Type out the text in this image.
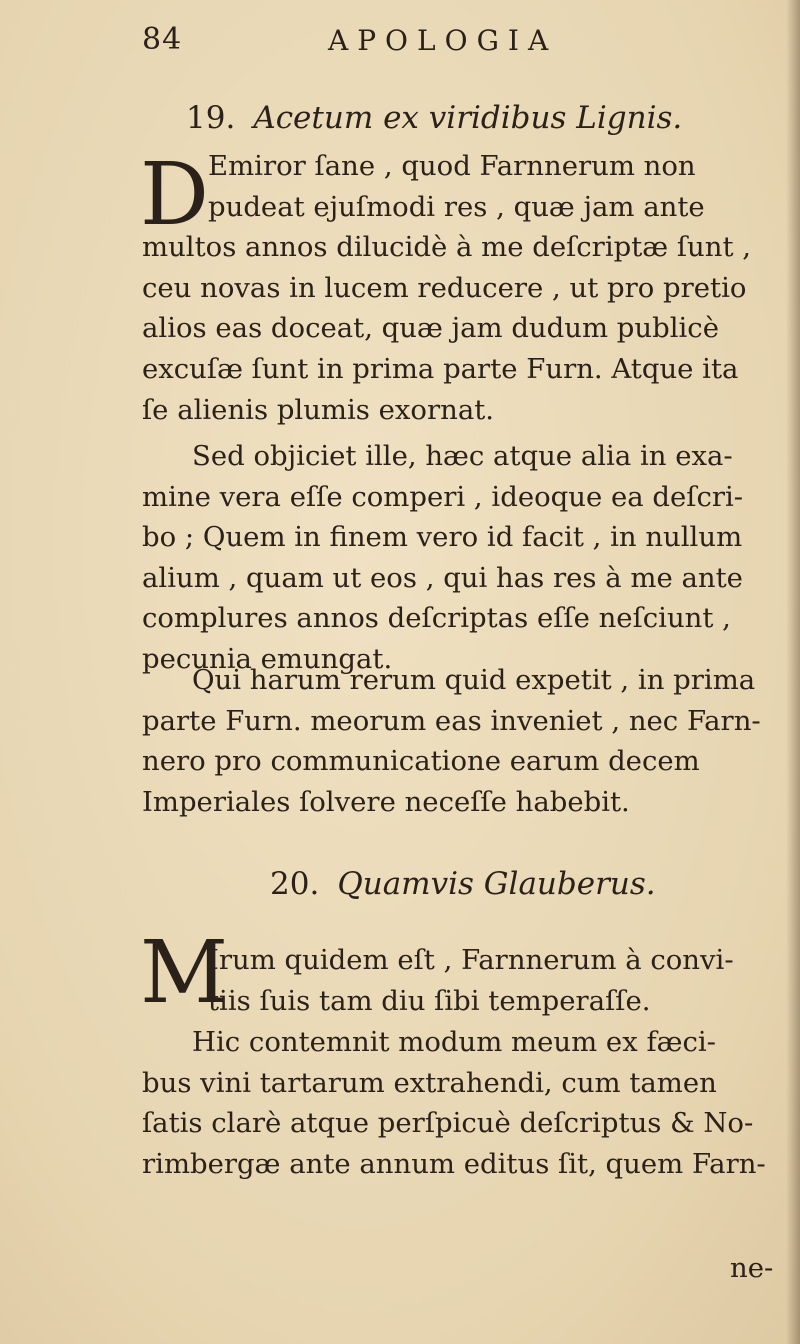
84	APOLOGIA
19. Acetum ex viridibus Lignis.
D Emiror ſane , quod Farnnerum non
pudeat ejuſmodi res , quæ jam ante
multos annos dilucidè à me deſcriptæ ſunt ,
ceu novas in lucem reducere , ut pro pretio
alios eas doceat, quæ jam dudum publicè
excuſæ ſunt in prima parte Furn. Atque ita
ſe alienis plumis exornat.
Sed objiciet ille, hæc atque alia in exa-
mine vera eſſe comperi , ideoque ea deſcri-
bo ; Quem in finem vero id facit , in nullum
alium , quam ut eos , qui has res à me ante
complures annos deſcriptas eſſe neſciunt ,
pecunia emungat.
Qui harum rerum quid expetit , in prima
parte Furn. meorum eas inveniet , nec Farn-
nero pro communicatione earum decem
Imperiales ſolvere neceſſe habebit.
20. Quamvis Glauberus.
M
Irum quidem eſt , Farnnerum à convi-
tiis ſuis tam diu ſibi temperaſſe.
Hic contemnit modum meum ex fæci-
bus vini tartarum extrahendi, cum tamen
ſatis clarè atque perſpicuè deſcriptus & No-
rimbergæ ante annum editus ſit, quem Farn-
ne-
